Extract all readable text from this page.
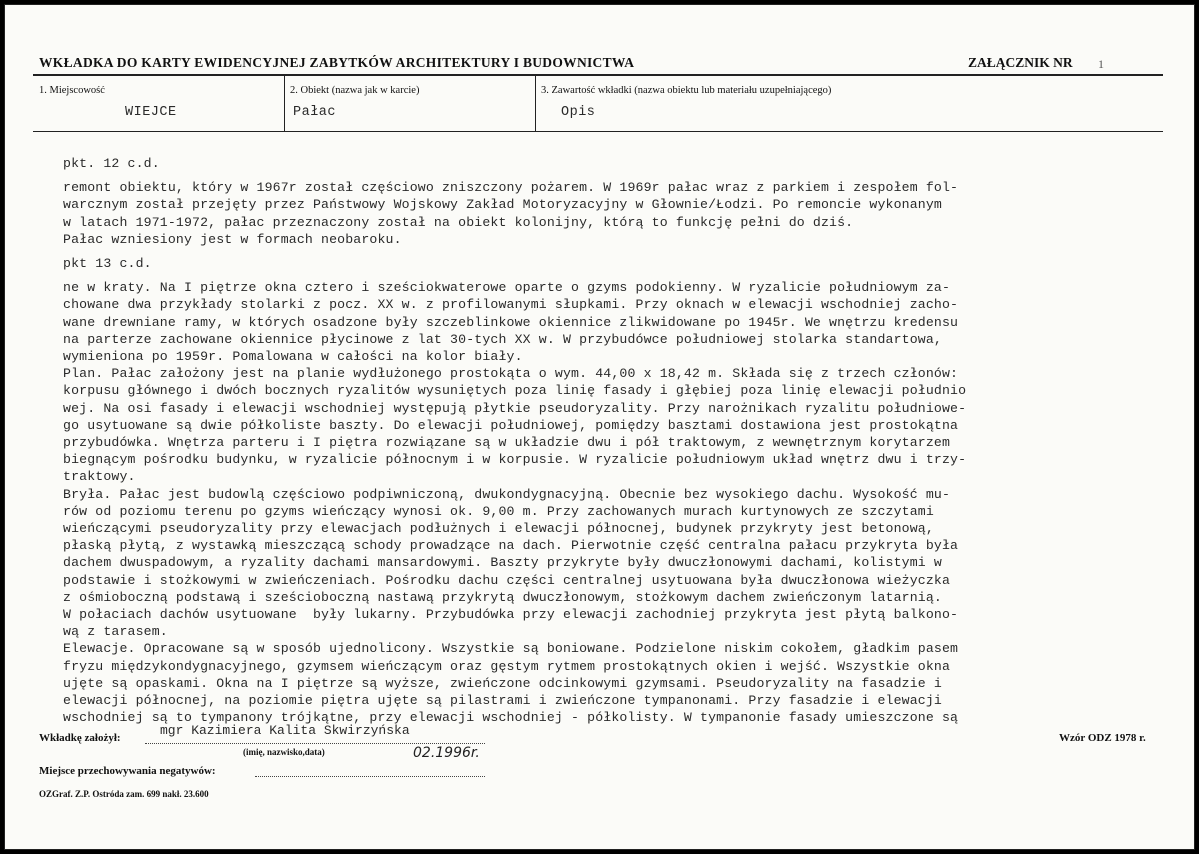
WKŁADKA DO KARTY EWIDENCYJNEJ ZABYTKÓW ARCHITEKTURY I BUDOWNICTWA	ZAŁĄCZNIK NR 1
1. Miejscowość
WIEJCE
2. Obiekt (nazwa jak w karcie)
Pałac
3. Zawartość wkładki (nazwa obiektu lub materiału uzupełniającego)
Opis
pkt. 12 c.d.
remont obiektu, który w 1967r został częściowo zniszczony pożarem. W 1969r pałac wraz z parkiem i zespołem fol-
warcznym został przejęty przez Państwowy Wojskowy Zakład Motoryzacyjny w Głownie/Łodzi. Po remoncie wykonanym
w latach 1971-1972, pałac przeznaczony został na obiekt kolonijny, którą to funkcję pełni do dziś.
Pałac wzniesiony jest w formach neobaroku.
pkt 13 c.d.
ne w kraty. Na I piętrze okna cztero i sześciokwaterowe oparte o gzyms podokienny. W ryzalicie południowym za-
chowane dwa przykłady stolarki z pocz. XX w. z profilowanymi słupkami. Przy oknach w elewacji wschodniej zacho-
wane drewniane ramy, w których osadzone były szczeblinkowe okiennice zlikwidowane po 1945r. We wnętrzu kredensu
na parterze zachowane okiennice płycinowe z lat 30-tych XX w. W przybudówce południowej stolarka standartowa,
wymieniona po 1959r. Pomalowana w całości na kolor biały.
Plan. Pałac założony jest na planie wydłużonego prostokąta o wym. 44,00 x 18,42 m. Składa się z trzech członów:
korpusu głównego i dwóch bocznych ryzalitów wysuniętych poza linię fasady i głębiej poza linię elewacji południo
wej. Na osi fasady i elewacji wschodniej występują płytkie pseudoryzality. Przy narożnikach ryzalitu południowe-
go usytuowane są dwie półkoliste baszty. Do elewacji południowej, pomiędzy basztami dostawiona jest prostokątna
przybudówka. Wnętrza parteru i I piętra rozwiązane są w układzie dwu i pół traktowym, z wewnętrznym korytarzem
biegnącym pośrodku budynku, w ryzalicie północnym i w korpusie. W ryzalicie południowym układ wnętrz dwu i trzy-
traktowy.
Bryła. Pałac jest budowlą częściowo podpiwniczoną, dwukondygnacyjną. Obecnie bez wysokiego dachu. Wysokość mu-
rów od poziomu terenu po gzyms wieńczący wynosi ok. 9,00 m. Przy zachowanych murach kurtynowych ze szczytami
wieńczącymi pseudoryzality przy elewacjach podłużnych i elewacji północnej, budynek przykryty jest betonową,
płaską płytą, z wystawką mieszczącą schody prowadzące na dach. Pierwotnie część centralna pałacu przykryta była
dachem dwuspadowym, a ryzality dachami mansardowymi. Baszty przykryte były dwuczłonowymi dachami, kolistymi w
podstawie i stożkowymi w zwieńczeniach. Pośrodku dachu części centralnej usytuowana była dwuczłonowa wieżyczka
z ośmioboczną podstawą i sześcioboczną nastawą przykrytą dwuczłonowym, stożkowym dachem zwieńczonym latarnią.
W połaciach dachów usytuowane  były lukarny. Przybudówka przy elewacji zachodniej przykryta jest płytą balkono-
wą z tarasem.
Elewacje. Opracowane są w sposób ujednolicony. Wszystkie są boniowane. Podzielone niskim cokołem, gładkim pasem
fryzu międzykondygnacyjnego, gzymsem wieńczącym oraz gęstym rytmem prostokątnych okien i wejść. Wszystkie okna
ujęte są opaskami. Okna na I piętrze są wyższe, zwieńczone odcinkowymi gzymsami. Pseudoryzality na fasadzie i
elewacji północnej, na poziomie piętra ujęte są pilastrami i zwieńczone tympanonami. Przy fasadzie i elewacji
wschodniej są to tympanony trójkątne, przy elewacji wschodniej - półkolisty. W tympanonie fasady umieszczone są
Wkładkę założył:	mgr Kazimiera Kalita Skwirzyńska
(imię, nazwisko,data)	02.1996r.
Wzór ODZ 1978 r.
Miejsce przechowywania negatywów:
OZGraf. Z.P. Ostróda zam. 699 nakł. 23.600
